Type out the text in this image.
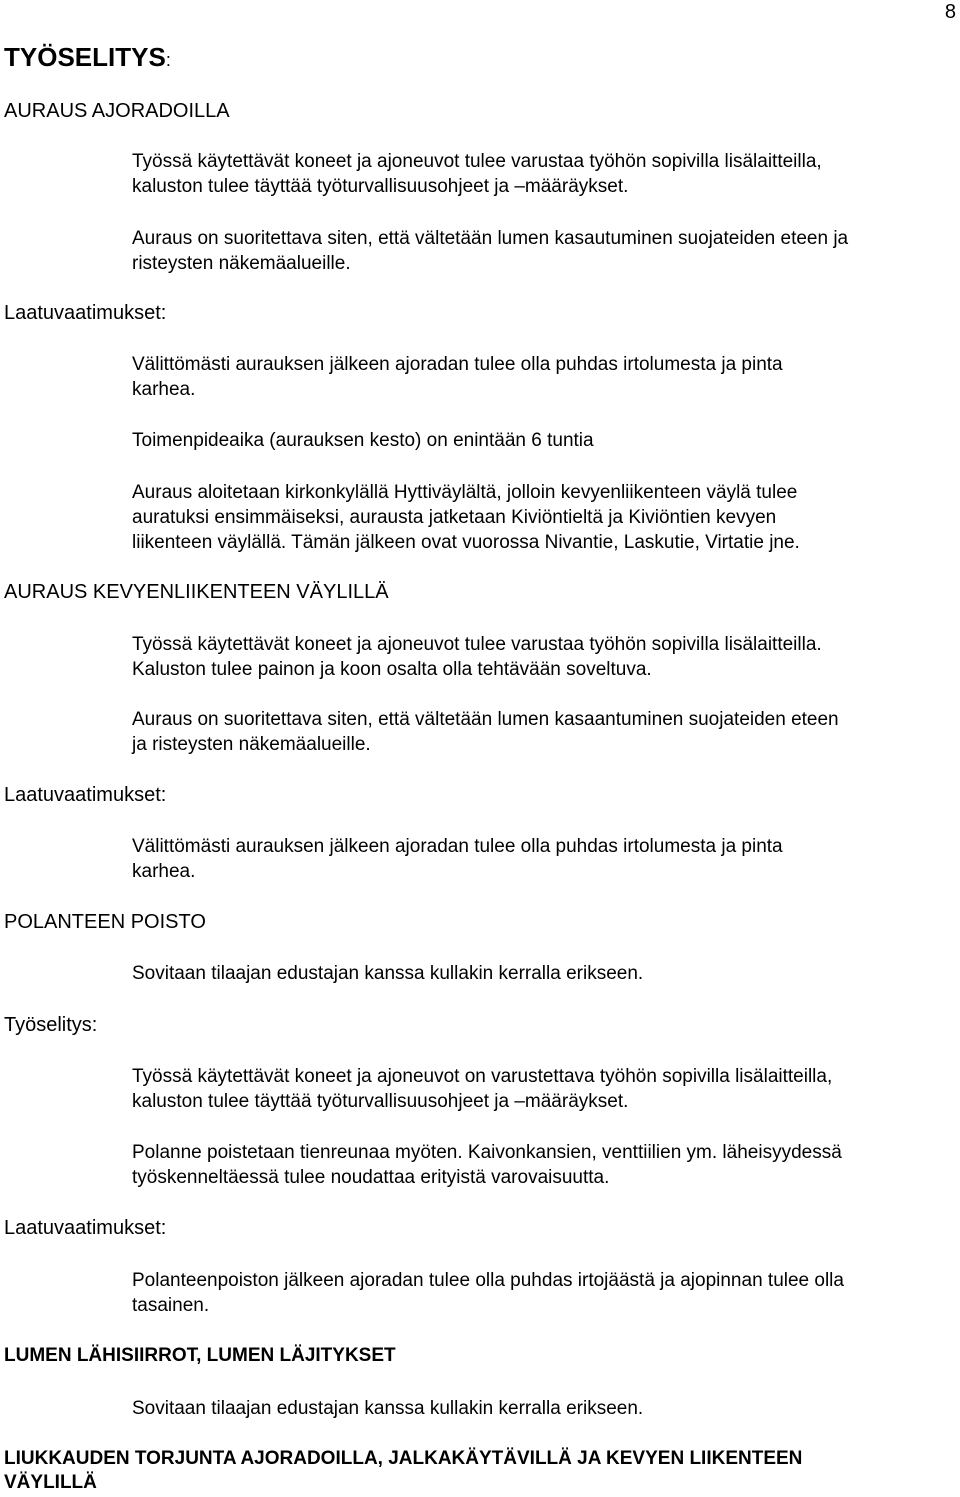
8
TYÖSELITYS:
AURAUS AJORADOILLA
Työssä käytettävät koneet ja ajoneuvot tulee varustaa työhön sopivilla lisälaitteilla,
kaluston tulee täyttää työturvallisuusohjeet ja –määräykset.
Auraus on suoritettava siten, että vältetään lumen kasautuminen suojateiden eteen ja
risteysten näkemäalueille.
Laatuvaatimukset:
Välittömästi aurauksen jälkeen ajoradan tulee olla puhdas irtolumesta ja pinta
karhea.
Toimenpideaika (aurauksen kesto) on enintään 6 tuntia
Auraus aloitetaan kirkonkylällä Hyttiväylältä, jolloin kevyenliikenteen väylä tulee
auratuksi ensimmäiseksi, aurausta jatketaan Kiviöntieltä ja Kiviöntien kevyen
liikenteen väylällä. Tämän jälkeen ovat vuorossa Nivantie, Laskutie, Virtatie jne.
AURAUS KEVYENLIIKENTEEN VÄYLILLÄ
Työssä käytettävät koneet ja ajoneuvot tulee varustaa työhön sopivilla lisälaitteilla.
Kaluston tulee painon ja koon osalta olla tehtävään soveltuva.
Auraus on suoritettava siten, että vältetään lumen kasaantuminen suojateiden eteen
ja risteysten näkemäalueille.
Laatuvaatimukset:
Välittömästi aurauksen jälkeen ajoradan tulee olla puhdas irtolumesta ja pinta
karhea.
POLANTEEN POISTO
Sovitaan tilaajan edustajan kanssa kullakin kerralla erikseen.
Työselitys:
Työssä käytettävät koneet ja ajoneuvot on varustettava työhön sopivilla lisälaitteilla,
kaluston tulee täyttää työturvallisuusohjeet ja –määräykset.
Polanne poistetaan tienreunaa myöten. Kaivonkansien, venttiilien ym. läheisyydessä
työskenneltäessä tulee noudattaa erityistä varovaisuutta.
Laatuvaatimukset:
Polanteenpoiston jälkeen ajoradan tulee olla puhdas irtojäästä ja ajopinnan tulee olla
tasainen.
LUMEN LÄHISIIRROT, LUMEN LÄJITYKSET
Sovitaan tilaajan edustajan kanssa kullakin kerralla erikseen.
LIUKKAUDEN TORJUNTA AJORADOILLA, JALKAKÄYTÄVILLÄ JA KEVYEN LIIKENTEEN
VÄYLILLÄ
